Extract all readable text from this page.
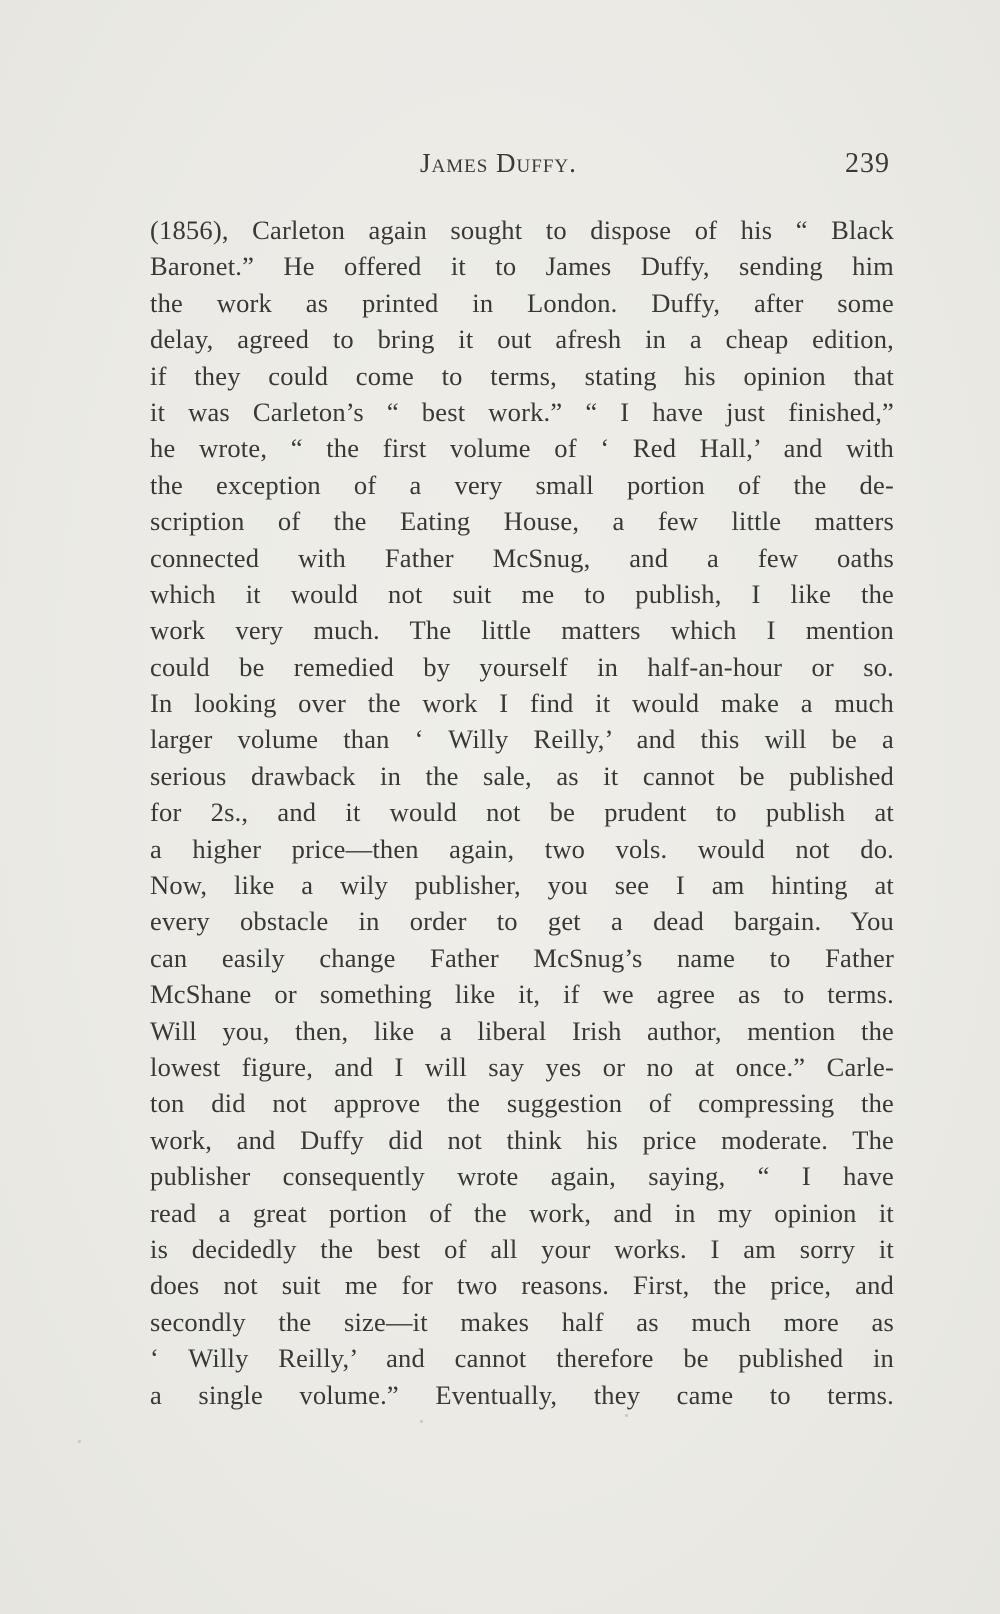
James Duffy.	239
(1856), Carleton again sought to dispose of his “ Black
Baronet.” He offered it to James Duffy, sending him
the work as printed in London. Duffy, after some
delay, agreed to bring it out afresh in a cheap edition,
if they could come to terms, stating his opinion that
it was Carleton’s “ best work.” “ I have just finished,”
he wrote, “ the first volume of ‘ Red Hall,’ and with
the exception of a very small portion of the de-
scription of the Eating House, a few little matters
connected with Father McSnug, and a few oaths
which it would not suit me to publish, I like the
work very much. The little matters which I mention
could be remedied by yourself in half-an-hour or so.
In looking over the work I find it would make a much
larger volume than ‘ Willy Reilly,’ and this will be a
serious drawback in the sale, as it cannot be published
for 2s., and it would not be prudent to publish at
a higher price—then again, two vols. would not do.
Now, like a wily publisher, you see I am hinting at
every obstacle in order to get a dead bargain. You
can easily change Father McSnug’s name to Father
McShane or something like it, if we agree as to terms.
Will you, then, like a liberal Irish author, mention the
lowest figure, and I will say yes or no at once.” Carle-
ton did not approve the suggestion of compressing the
work, and Duffy did not think his price moderate. The
publisher consequently wrote again, saying, “ I have
read a great portion of the work, and in my opinion it
is decidedly the best of all your works. I am sorry it
does not suit me for two reasons. First, the price, and
secondly the size—it makes half as much more as
‘ Willy Reilly,’ and cannot therefore be published in
a single volume.” Eventually, they came to terms.
